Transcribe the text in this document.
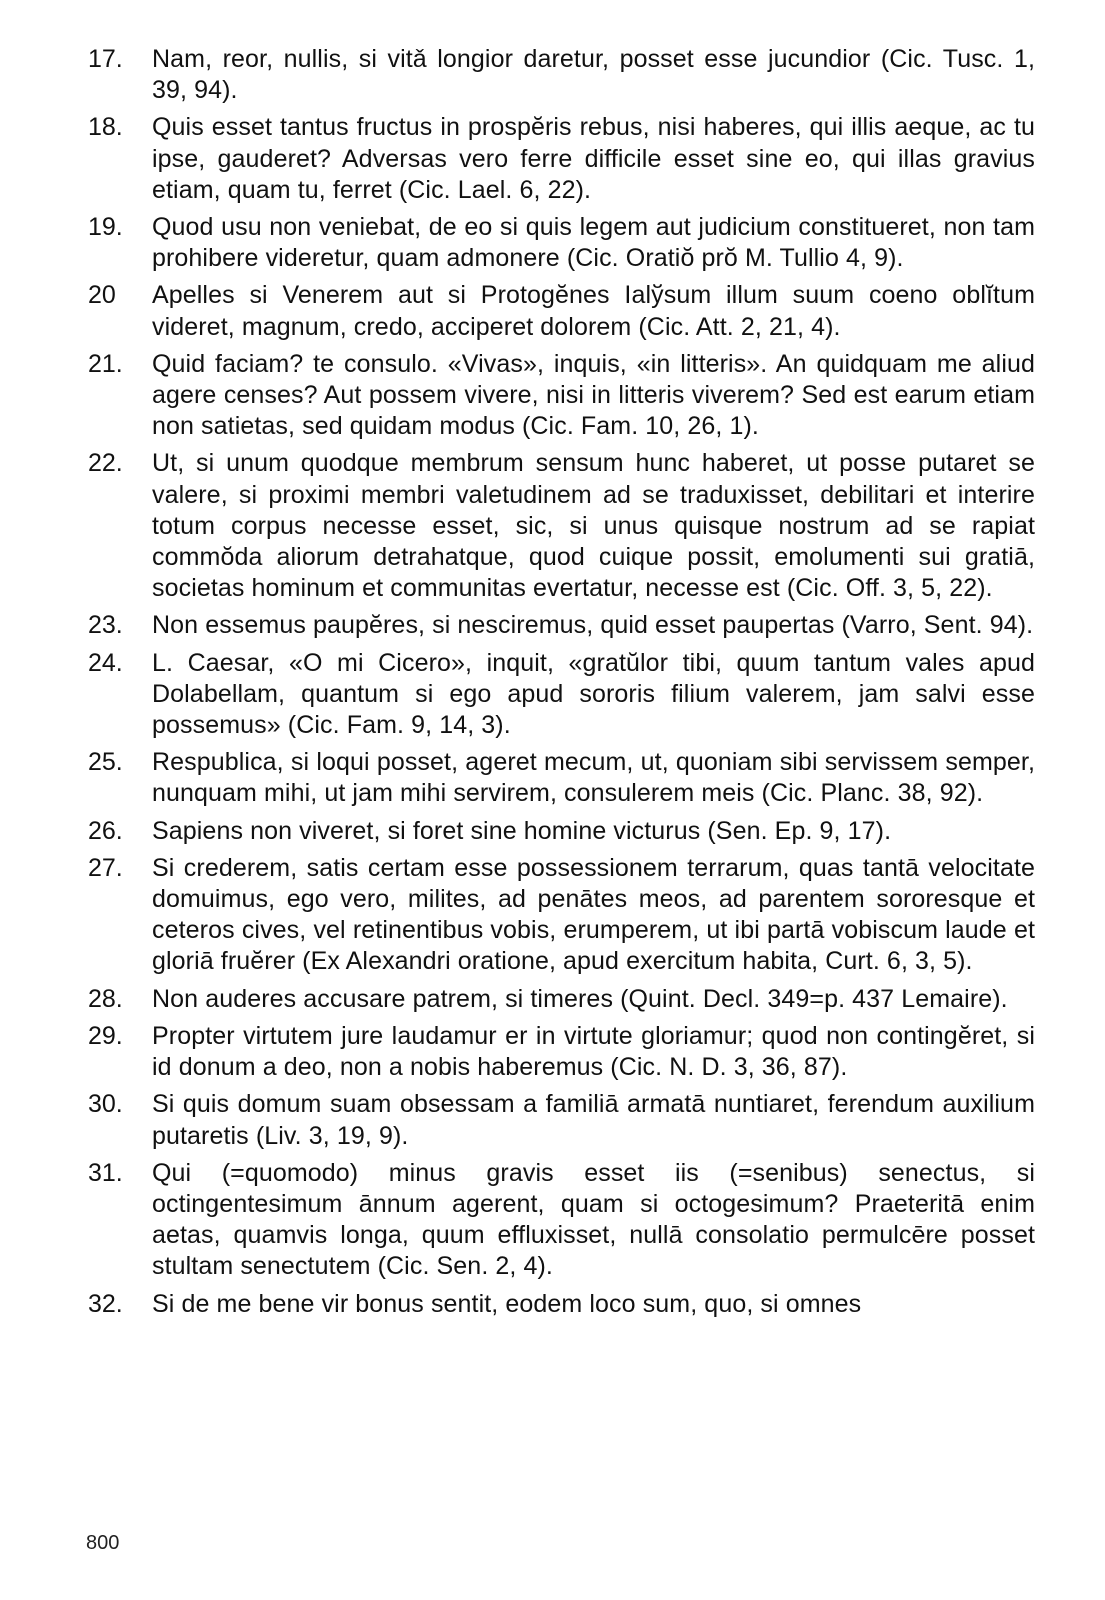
17.	Nam, reor, nullis, si vitǎ longior daretur, posset esse jucundior (Cic. Tusc. 1, 39, 94).
18.	Quis esset tantus fructus in prospĕris rebus, nisi haberes, qui illis aeque, ac tu ipse, gauderet? Adversas vero ferre difficile esset sine eo, qui illas gravius etiam, quam tu, ferret (Cic. Lael. 6, 22).
19.	Quod usu non veniebat, de eo si quis legem aut judicium constitueret, non tam prohibere videretur, quam admonere (Cic. Oratiŏ prŏ M. Tullio 4, 9).
20	Apelles si Venerem aut si Protogĕnes Ialўsum illum suum coeno oblĭtum videret, magnum, credo, acciperet dolorem (Cic. Att. 2, 21, 4).
21.	Quid faciam? te consulo. «Vivas», inquis, «in litteris». An quidquam me aliud agere censes? Aut possem vivere, nisi in litteris viverem? Sed est earum etiam non satietas, sed quidam modus (Cic. Fam. 10, 26, 1).
22.	Ut, si unum quodque membrum sensum hunc haberet, ut posse putaret se valere, si proximi membri valetudinem ad se traduxisset, debilitari et interire totum corpus necesse esset, sic, si unus quisque nostrum ad se rapiat commŏda aliorum detrahatque, quod cuique possit, emolumenti sui gratiā, societas hominum et communitas evertatur, necesse est (Cic. Off. 3, 5, 22).
23.	Non essemus paupĕres, si nesciremus, quid esset paupertas (Varro, Sent. 94).
24.	L. Caesar, «O mi Cicero», inquit, «gratŭlor tibi, quum tantum vales apud Dolabellam, quantum si ego apud sororis filium valerem, jam salvi esse possemus» (Cic. Fam. 9, 14, 3).
25.	Respublica, si loqui posset, ageret mecum, ut, quoniam sibi servissem semper, nunquam mihi, ut jam mihi servirem, consulerem meis (Cic. Planc. 38, 92).
26.	Sapiens non viveret, si foret sine homine victurus (Sen. Ep. 9, 17).
27.	Si crederem, satis certam esse possessionem terrarum, quas tantā velocitate domuimus, ego vero, milites, ad penātes meos, ad parentem sororesque et ceteros cives, vel retinentibus vobis, erumperem, ut ibi partā vobiscum laude et gloriā fruĕrer (Ex Alexandri oratione, apud exercitum habita, Curt. 6, 3, 5).
28.	Non auderes accusare patrem, si timeres (Quint. Decl. 349=p. 437 Lemaire).
29.	Propter virtutem jure laudamur er in virtute gloriamur; quod non contingĕret, si id donum a deo, non a nobis haberemus (Cic. N. D. 3, 36, 87).
30.	Si quis domum suam obsessam a familiā armatā nuntiaret, ferendum auxilium putaretis (Liv. 3, 19, 9).
31.	Qui (=quomodo) minus gravis esset iis (=senibus) senectus, si octingentesimum ānnum agerent, quam si octogesimum? Praeteritā enim aetas, quamvis longa, quum effluxisset, nullā consolatio permulcēre posset stultam senectutem (Cic. Sen. 2, 4).
32.	Si de me bene vir bonus sentit, eodem loco sum, quo, si omnes
800
